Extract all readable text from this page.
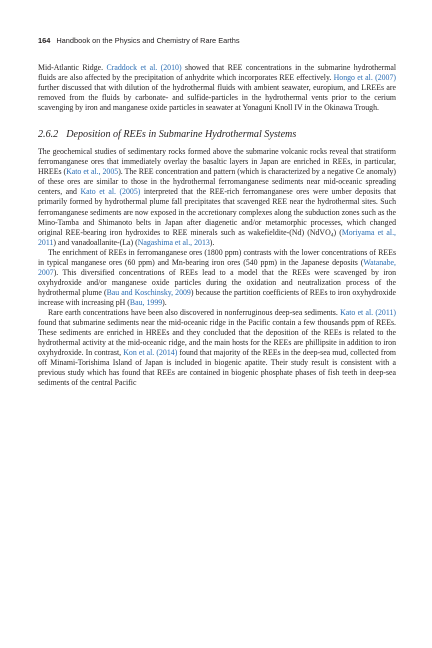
164 Handbook on the Physics and Chemistry of Rare Earths

Mid-Atlantic Ridge. Craddock et al. (2010) showed that REE concentrations in the submarine hydrothermal fluids are also affected by the precipitation of anhydrite which incorporates REE effectively. Hongo et al. (2007) further discussed that with dilution of the hydrothermal fluids with ambient seawater, europium, and LREEs are removed from the fluids by carbonate- and sulfide-particles in the hydrothermal vents prior to the cerium scavenging by iron and manganese oxide particles in seawater at Yonaguni Knoll IV in the Okinawa Trough.

2.6.2 Deposition of REEs in Submarine Hydrothermal Systems

The geochemical studies of sedimentary rocks formed above the submarine volcanic rocks reveal that stratiform ferromanganese ores that immediately overlay the basaltic layers in Japan are enriched in REEs, in particular, HREEs (Kato et al., 2005). The REE concentration and pattern (which is characterized by a negative Ce anomaly) of these ores are similar to those in the hydrothermal ferromanganese sediments near mid-oceanic spreading centers, and Kato et al. (2005) interpreted that the REE-rich ferromanganese ores were umber deposits that primarily formed by hydrothermal plume fall precipitates that scavenged REE near the hydrothermal sites. Such ferromanganese sediments are now exposed in the accretionary complexes along the subduction zones such as the Mino-Tamba and Shimanoto belts in Japan after diagenetic and/or metamorphic processes, which changed original REE-bearing iron hydroxides to REE minerals such as wakefieldite-(Nd) (NdVO$_4$) (Moriyama et al., 2011) and vanadoallanite-(La) (Nagashima et al., 2013).

The enrichment of REEs in ferromanganese ores (1800 ppm) contrasts with the lower concentrations of REEs in typical manganese ores (60 ppm) and Mn-bearing iron ores (540 ppm) in the Japanese deposits (Watanabe, 2007). This diversified concentrations of REEs lead to a model that the REEs were scavenged by iron oxyhydroxide and/or manganese oxide particles during the oxidation and neutralization process of the hydrothermal plume (Bau and Koschinsky, 2009) because the partition coefficients of REEs to iron oxyhydroxide increase with increasing pH (Bau, 1999).

Rare earth concentrations have been also discovered in nonferruginous deep-sea sediments. Kato et al. (2011) found that submarine sediments near the mid-oceanic ridge in the Pacific contain a few thousands ppm of REEs. These sediments are enriched in HREEs and they concluded that the deposition of the REEs is related to the hydrothermal activity at the mid-oceanic ridge, and the main hosts for the REEs are phillipsite in addition to iron oxyhydroxide. In contrast, Kon et al. (2014) found that majority of the REEs in the deep-sea mud, collected from off Minami-Torishima Island of Japan is included in biogenic apatite. Their study result is consistent with a previous study which has found that REEs are contained in biogenic phosphate phases of fish teeth in deep-sea sediments of the central Pacific
